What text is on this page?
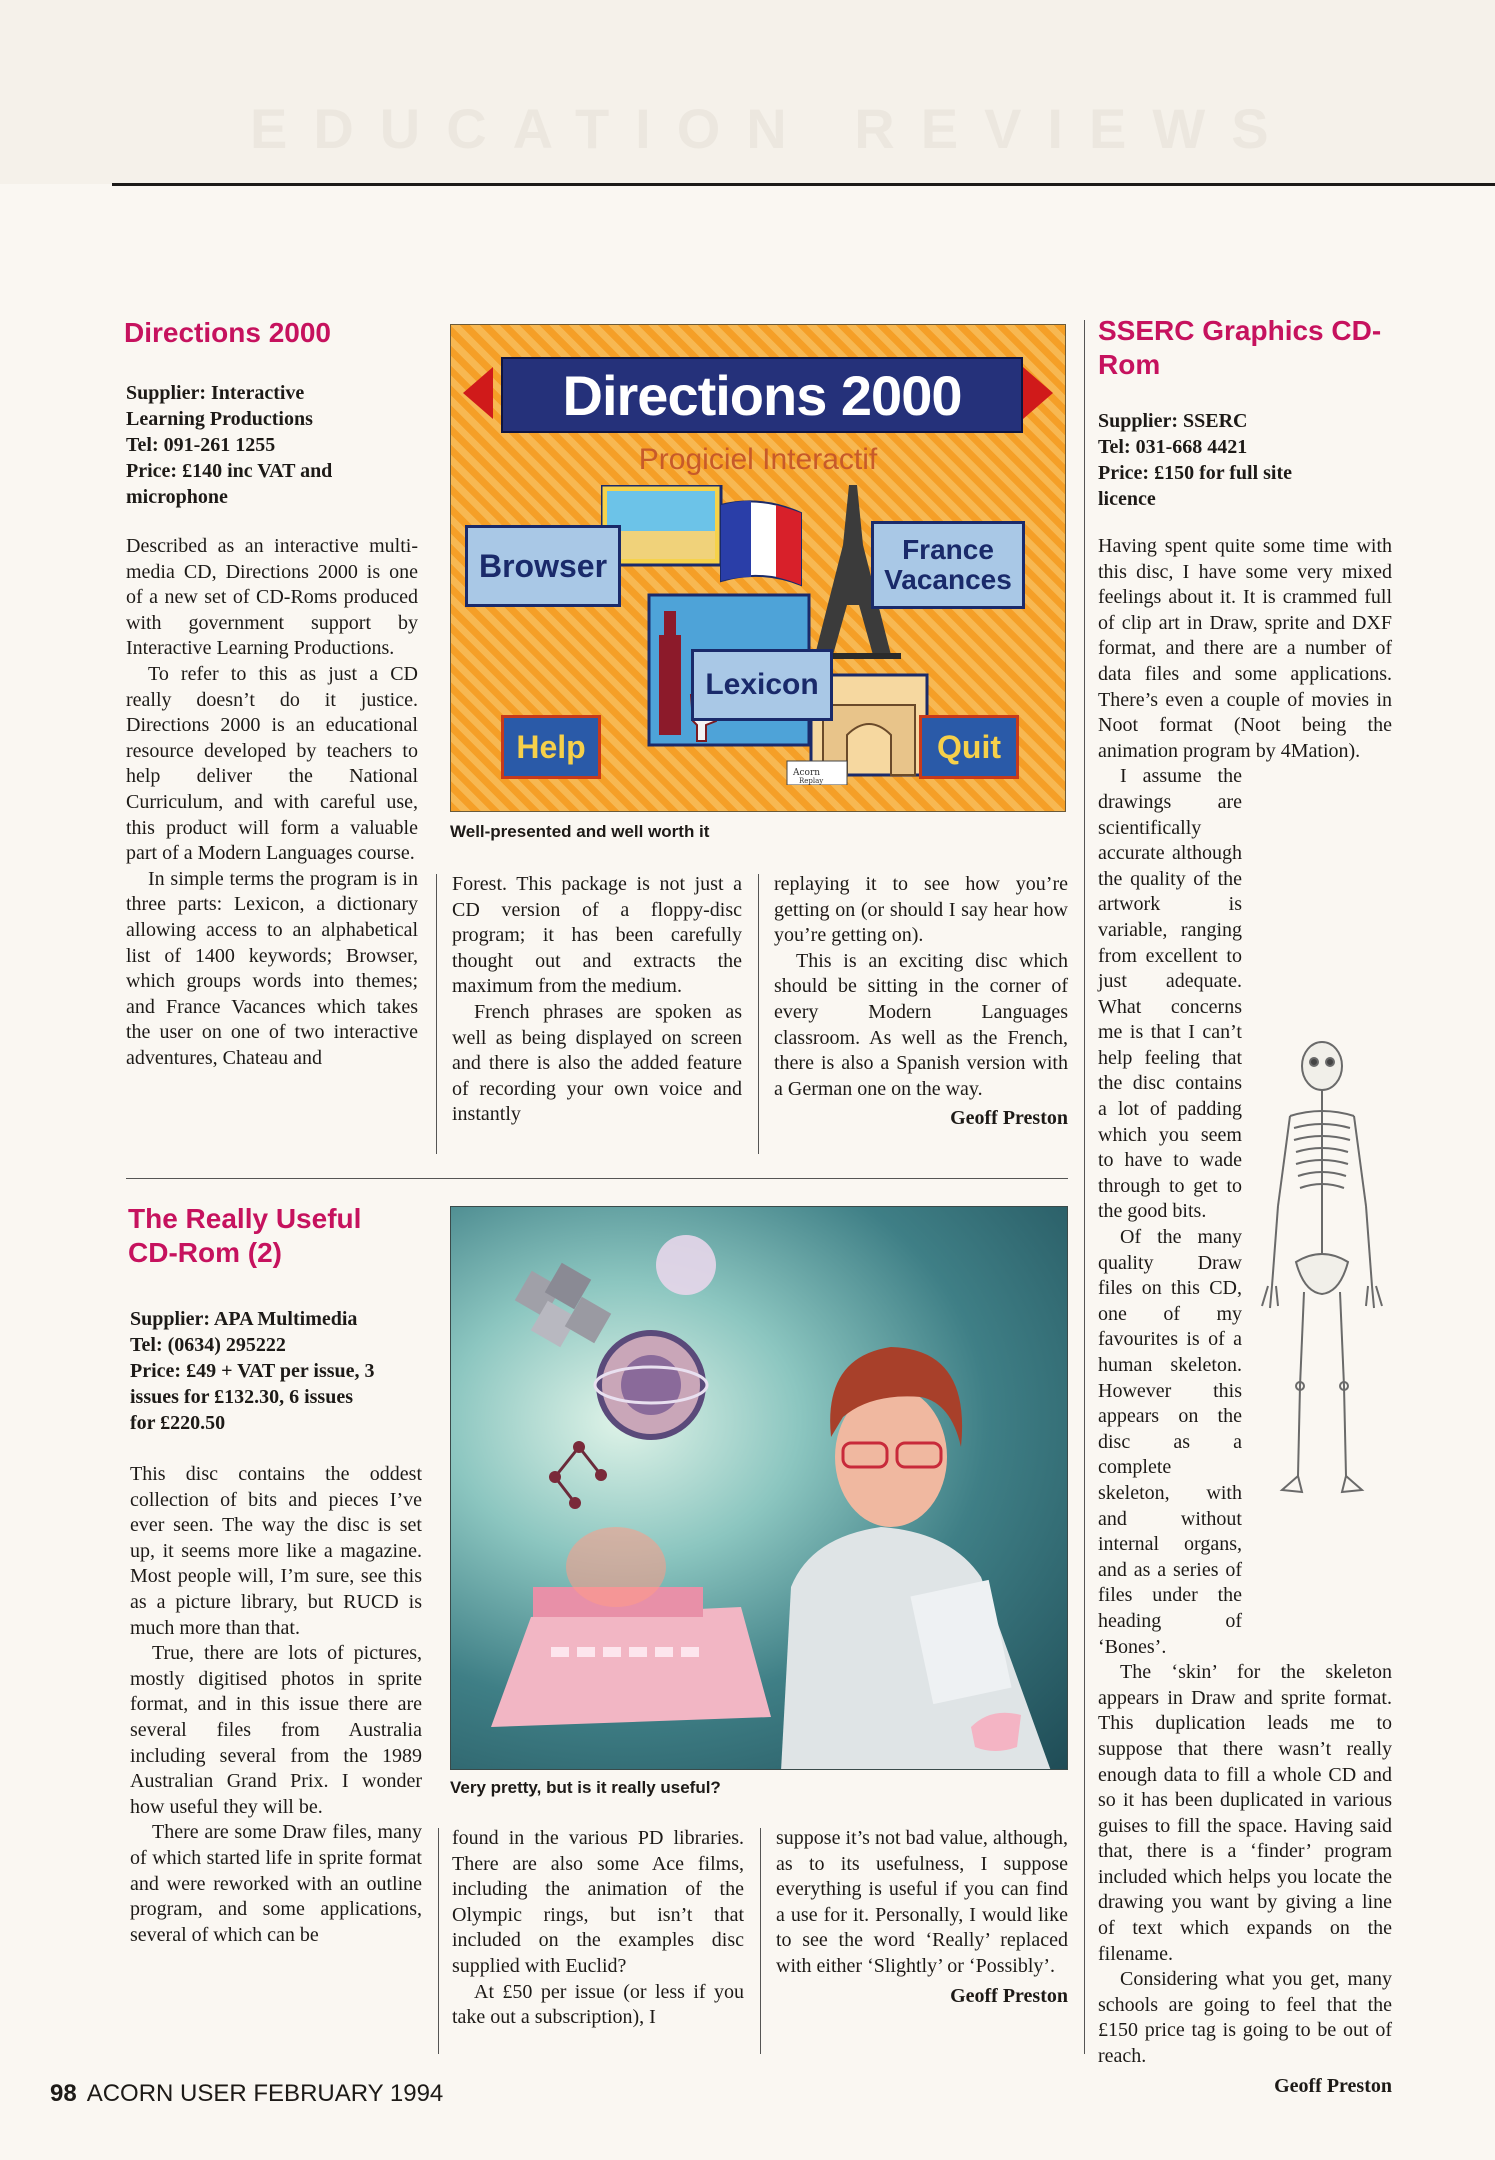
EDUCATION REVIEWS
Directions 2000
Supplier: Interactive
Learning Productions
Tel: 091-261 1255
Price: £140 inc VAT and
microphone

Described as an interactive multi-media CD, Directions 2000 is one of a new set of CD-Roms produced with government support by Interactive Learning Productions.

To refer to this as just a CD really doesn’t do it justice. Directions 2000 is an educational resource developed by teachers to help deliver the National Curriculum, and with careful use, this product will form a valuable part of a Modern Languages course.

In simple terms the program is in three parts: Lexicon, a dictionary allowing access to an alphabetical list of 1400 keywords; Browser, which groups words into themes; and France Vacances which takes the user on one of two interactive adventures, Chateau and

Directions 2000
Progiciel Interactif
Acorn
Replay
Browser	France
Vacances
Lexicon
Help	Quit
Well-presented and well worth it

Forest. This package is not just a CD version of a floppy-disc program; it has been carefully thought out and extracts the maximum from the medium.

French phrases are spoken as well as being displayed on screen and there is also the added feature of recording your own voice and instantly

replaying it to see how you’re getting on (or should I say hear how you’re getting on).

This is an exciting disc which should be sitting in the corner of every Modern Languages classroom. As well as the French, there is also a Spanish version with a German one on the way.

Geoff Preston

The Really Useful CD-Rom (2)
Supplier: APA Multimedia
Tel: (0634) 295222
Price: £49 + VAT per issue, 3
issues for £132.30, 6 issues
for £220.50

This disc contains the oddest collection of bits and pieces I’ve ever seen. The way the disc is set up, it seems more like a magazine. Most people will, I’m sure, see this as a picture library, but RUCD is much more than that.

True, there are lots of pictures, mostly digitised photos in sprite format, and in this issue there are several files from Australia including several from the 1989 Australian Grand Prix. I wonder how useful they will be.

There are some Draw files, many of which started life in sprite format and were reworked with an outline program, and some applications, several of which can be

Very pretty, but is it really useful?

found in the various PD libraries. There are also some Ace films, including the animation of the Olympic rings, but isn’t that included on the examples disc supplied with Euclid?

At £50 per issue (or less if you take out a subscription), I

suppose it’s not bad value, although, as to its usefulness, I suppose everything is useful if you can find a use for it. Personally, I would like to see the word ‘Really’ replaced with either ‘Slightly’ or ‘Possibly’.

Geoff Preston

SSERC Graphics CD-Rom
Supplier: SSERC
Tel: 031-668 4421
Price: £150 for full site
licence

Having spent quite some time with this disc, I have some very mixed feelings about it. It is crammed full of clip art in Draw, sprite and DXF format, and there are a number of data files and some applications. There’s even a couple of movies in Noot format (Noot being the animation program by 4Mation).

I assume the drawings are scientifically accurate although the quality of the artwork is variable, ranging from excellent to just adequate. What concerns me is that I can’t help feeling that the disc contains a lot of padding which you seem to have to wade through to get to the good bits.

Of the many quality Draw files on this CD, one of my favourites is of a human skeleton. However this appears on the disc as a complete skeleton, with and without internal organs, and as a series of files under the heading of ‘Bones’.

The ‘skin’ for the skeleton appears in Draw and sprite format. This duplication leads me to suppose that there wasn’t really enough data to fill a whole CD and so it has been duplicated in various guises to fill the space. Having said that, there is a ‘finder’ program included which helps you locate the drawing you want by giving a line of text which expands on the filename.

Considering what you get, many schools are going to feel that the £150 price tag is going to be out of reach.

Geoff Preston

98 ACORN USER FEBRUARY 1994
